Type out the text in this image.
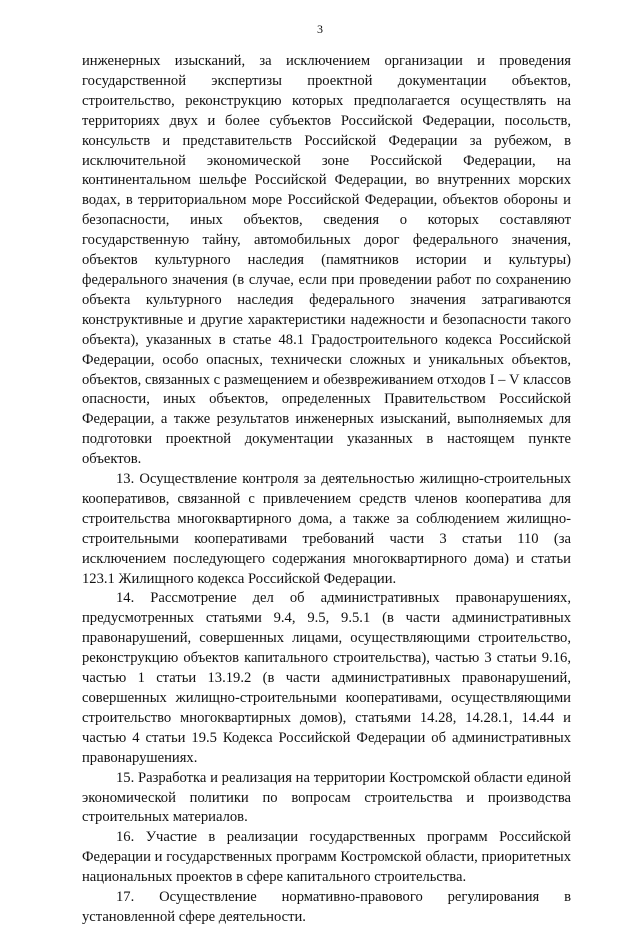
3

инженерных изысканий, за исключением организации и проведения государственной экспертизы проектной документации объектов, строительство, реконструкцию которых предполагается осуществлять на территориях двух и более субъектов Российской Федерации, посольств, консульств и представительств Российской Федерации за рубежом, в исключительной экономической зоне Российской Федерации, на континентальном шельфе Российской Федерации, во внутренних морских водах, в территориальном море Российской Федерации, объектов обороны и безопасности, иных объектов, сведения о которых составляют государственную тайну, автомобильных дорог федерального значения, объектов культурного наследия (памятников истории и культуры) федерального значения (в случае, если при проведении работ по сохранению объекта культурного наследия федерального значения затрагиваются конструктивные и другие характеристики надежности и безопасности такого объекта), указанных в статье 48.1 Градостроительного кодекса Российской Федерации, особо опасных, технически сложных и уникальных объектов, объектов, связанных с размещением и обезвреживанием отходов I – V классов опасности, иных объектов, определенных Правительством Российской Федерации, а также результатов инженерных изысканий, выполняемых для подготовки проектной документации указанных в настоящем пункте объектов.

13. Осуществление контроля за деятельностью жилищно-строительных кооперативов, связанной с привлечением средств членов кооператива для строительства многоквартирного дома, а также за соблюдением жилищно-строительными кооперативами требований части 3 статьи 110 (за исключением последующего содержания многоквартирного дома) и статьи 123.1 Жилищного кодекса Российской Федерации.

14. Рассмотрение дел об административных правонарушениях, предусмотренных статьями 9.4, 9.5, 9.5.1 (в части административных правонарушений, совершенных лицами, осуществляющими строительство, реконструкцию объектов капитального строительства), частью 3 статьи 9.16, частью 1 статьи 13.19.2 (в части административных правонарушений, совершенных жилищно-строительными кооперативами, осуществляющими строительство многоквартирных домов), статьями 14.28, 14.28.1, 14.44 и частью 4 статьи 19.5 Кодекса Российской Федерации об административных правонарушениях.

15. Разработка и реализация на территории Костромской области единой экономической политики по вопросам строительства и производства строительных материалов.

16. Участие в реализации государственных программ Российской Федерации и государственных программ Костромской области, приоритетных национальных проектов в сфере капитального строительства.

17. Осуществление нормативно-правового регулирования в установленной сфере деятельности.
